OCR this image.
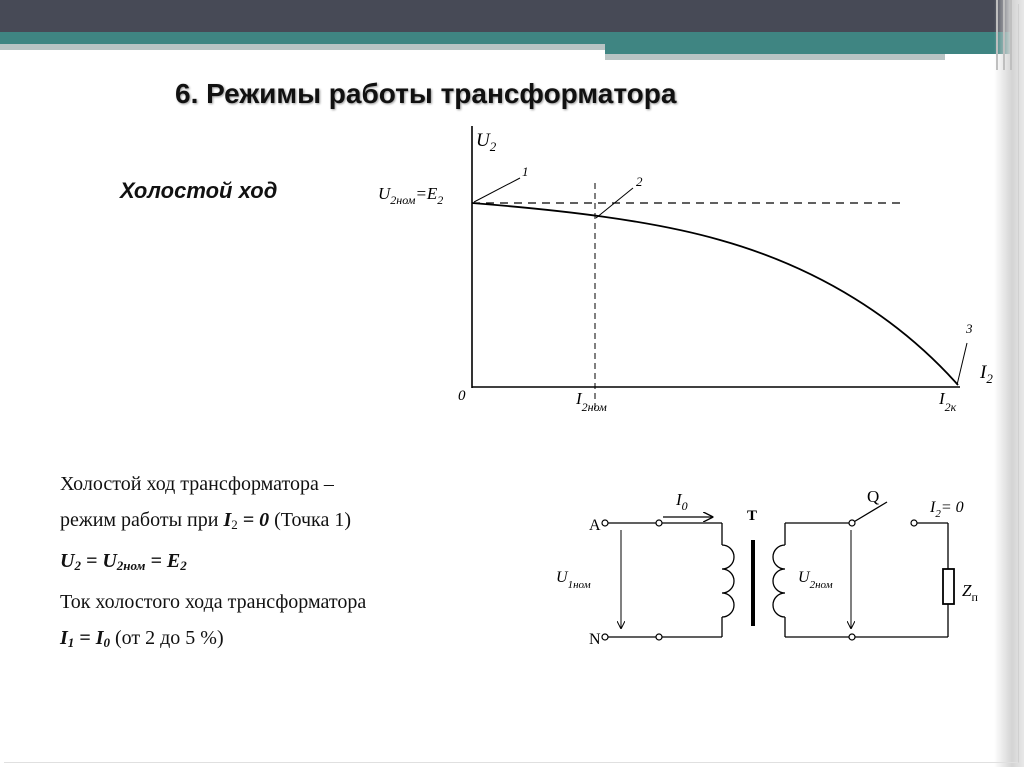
6. Режимы работы трансформатора
Холостой ход
$U_2$
$I_2$
0
$U_{2ном}=E_2$
$I_{2ном}$	$I_{2к}$
1
2
3
Холостой ход трансформатора –
режим работы при $I_2 = 0$ (Точка 1)
$U_2 = U_{2ном} = E_2$
Ток холостого хода трансформатора
$I_1 = I_0$ (от 2 до 5 %)
A
N
$I_0$
$U_{1ном}$
T
$U_{2ном}$
Q
$I_2= 0$
$Z_п$
